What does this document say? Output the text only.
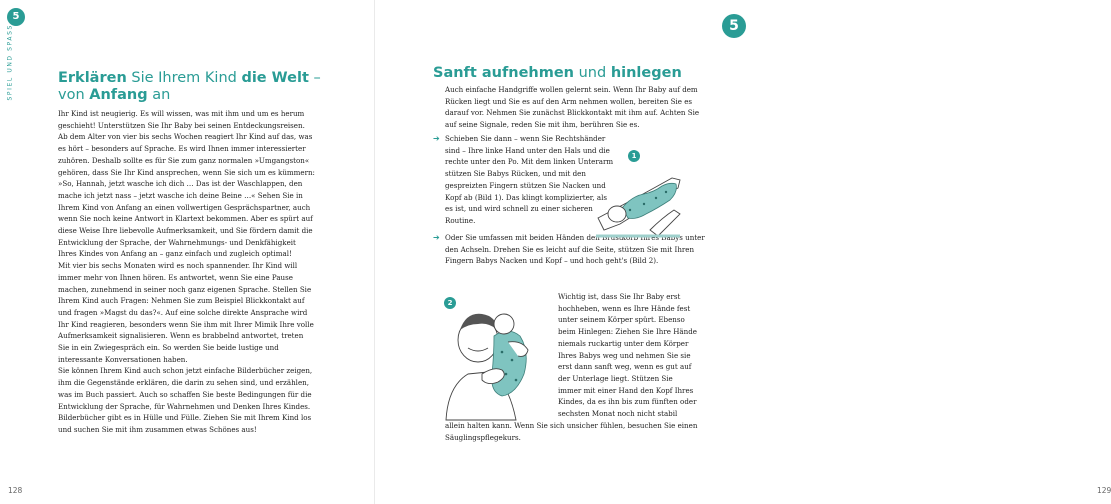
5
SPIEL UND SPASS	Erklären Sie Ihrem Kind die Welt –
von Anfang an

Ihr Kind ist neugierig. Es will wissen, was mit ihm und um es herum geschieht! Unterstützen Sie Ihr Baby bei seinen Entdeckungsreisen. Ab dem Alter von vier bis sechs Wochen reagiert Ihr Kind auf das, was es hört – besonders auf Sprache. Es wird Ihnen immer interessierter zuhören. Deshalb sollte es für Sie zum ganz normalen »Umgangston« gehören, dass Sie Ihr Kind ansprechen, wenn Sie sich um es kümmern: »So, Hannah, jetzt wasche ich dich … Das ist der Waschlappen, den mache ich jetzt nass – jetzt wasche ich deine Beine …« Sehen Sie in Ihrem Kind von Anfang an einen vollwertigen Gesprächspartner, auch wenn Sie noch keine Antwort in Klartext bekommen. Aber es spürt auf diese Weise Ihre liebevolle Aufmerksamkeit, und Sie fördern damit die Entwicklung der Sprache, der Wahrnehmungs- und Denkfähigkeit Ihres Kindes von Anfang an – ganz einfach und zugleich optimal!

Mit vier bis sechs Monaten wird es noch spannender. Ihr Kind will immer mehr von Ihnen hören. Es antwortet, wenn Sie eine Pause machen, zunehmend in seiner noch ganz eigenen Sprache. Stellen Sie Ihrem Kind auch Fragen: Nehmen Sie zum Beispiel Blickkontakt auf und fragen »Magst du das?«. Auf eine solche direkte Ansprache wird Ihr Kind reagieren, besonders wenn Sie ihm mit Ihrer Mimik Ihre volle Aufmerksamkeit signalisieren. Wenn es brabbelnd antwortet, treten Sie in ein Zwiegespräch ein. So werden Sie beide lustige und interessante Konversationen haben.

Sie können Ihrem Kind auch schon jetzt einfache Bilderbücher zeigen, ihm die Gegenstände erklären, die darin zu sehen sind, und erzählen, was im Buch passiert. Auch so schaffen Sie beste Bedingungen für die Entwicklung der Sprache, für Wahrnehmen und Denken Ihres Kindes. Bilderbücher gibt es in Hülle und Fülle. Ziehen Sie mit Ihrem Kind los und suchen Sie mit ihm zusammen etwas Schönes aus!

128
5
Sanft aufnehmen und hinlegen
Auch einfache Handgriffe wollen gelernt sein. Wenn Ihr Baby auf dem Rücken liegt und Sie es auf den Arm nehmen wollen, bereiten Sie es darauf vor. Nehmen Sie zunächst Blickkontakt mit ihm auf. Achten Sie auf seine Signale, reden Sie mit ihm, berühren Sie es.
➔ Schieben Sie dann – wenn Sie Rechtshänder sind – Ihre linke Hand unter den Hals und die rechte unter den Po. Mit dem linken Unterarm stützen Sie Babys Rücken, und mit den gespreizten Fingern stützen Sie Nacken und Kopf ab (Bild 1). Das klingt komplizierter, als es ist, und wird schnell zu einer sicheren Routine.
➔ Oder Sie umfassen mit beiden Händen den Brustkorb Ihres Babys unter den Achseln. Drehen Sie es leicht auf die Seite, stützen Sie mit Ihren Fingern Babys Nacken und Kopf – und hoch geht's (Bild 2).
Wichtig ist, dass Sie Ihr Baby erst hochheben, wenn es Ihre Hände fest unter seinem Körper spürt. Ebenso beim Hinlegen: Ziehen Sie Ihre Hände niemals ruckartig unter dem Körper Ihres Babys weg und nehmen Sie sie erst dann sanft weg, wenn es gut auf der Unterlage liegt. Stützen Sie immer mit einer Hand den Kopf Ihres Kindes, da es ihn bis zum fünften oder sechsten Monat noch nicht stabil
allein halten kann. Wenn Sie sich unsicher fühlen, besuchen Sie einen Säuglingspflegekurs.
129
1
2
